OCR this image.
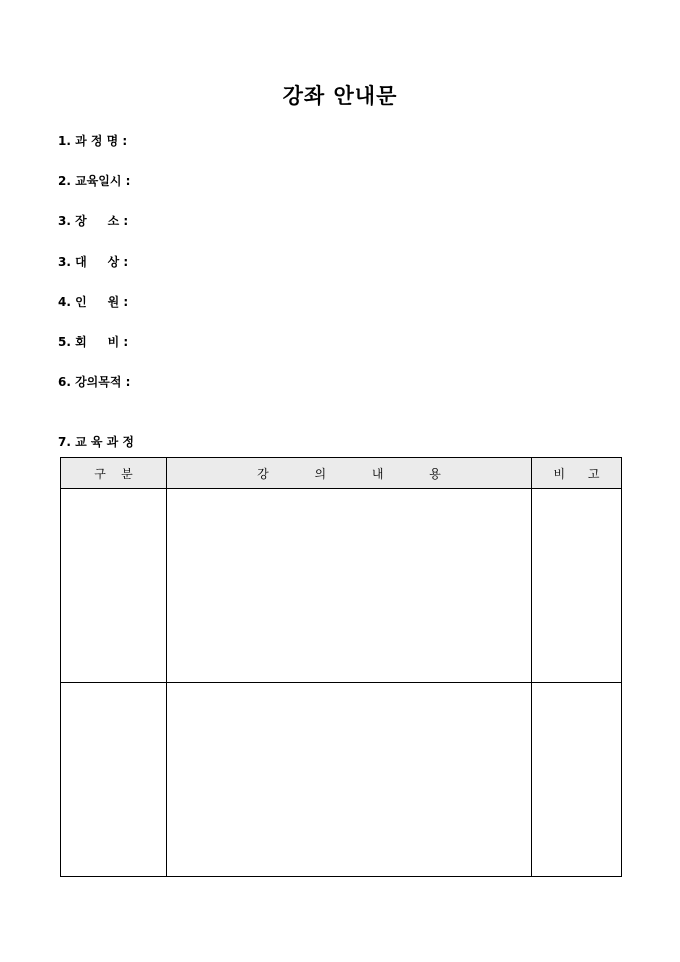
강좌 안내문
1. 과 정 명 :
2. 교육일시 :
3. 장     소 :
3. 대     상 :
4. 인     원 :
5. 회     비 :
6. 강의목적 :
7. 교 육 과 정
구    분	강            의            내            용	비      고
